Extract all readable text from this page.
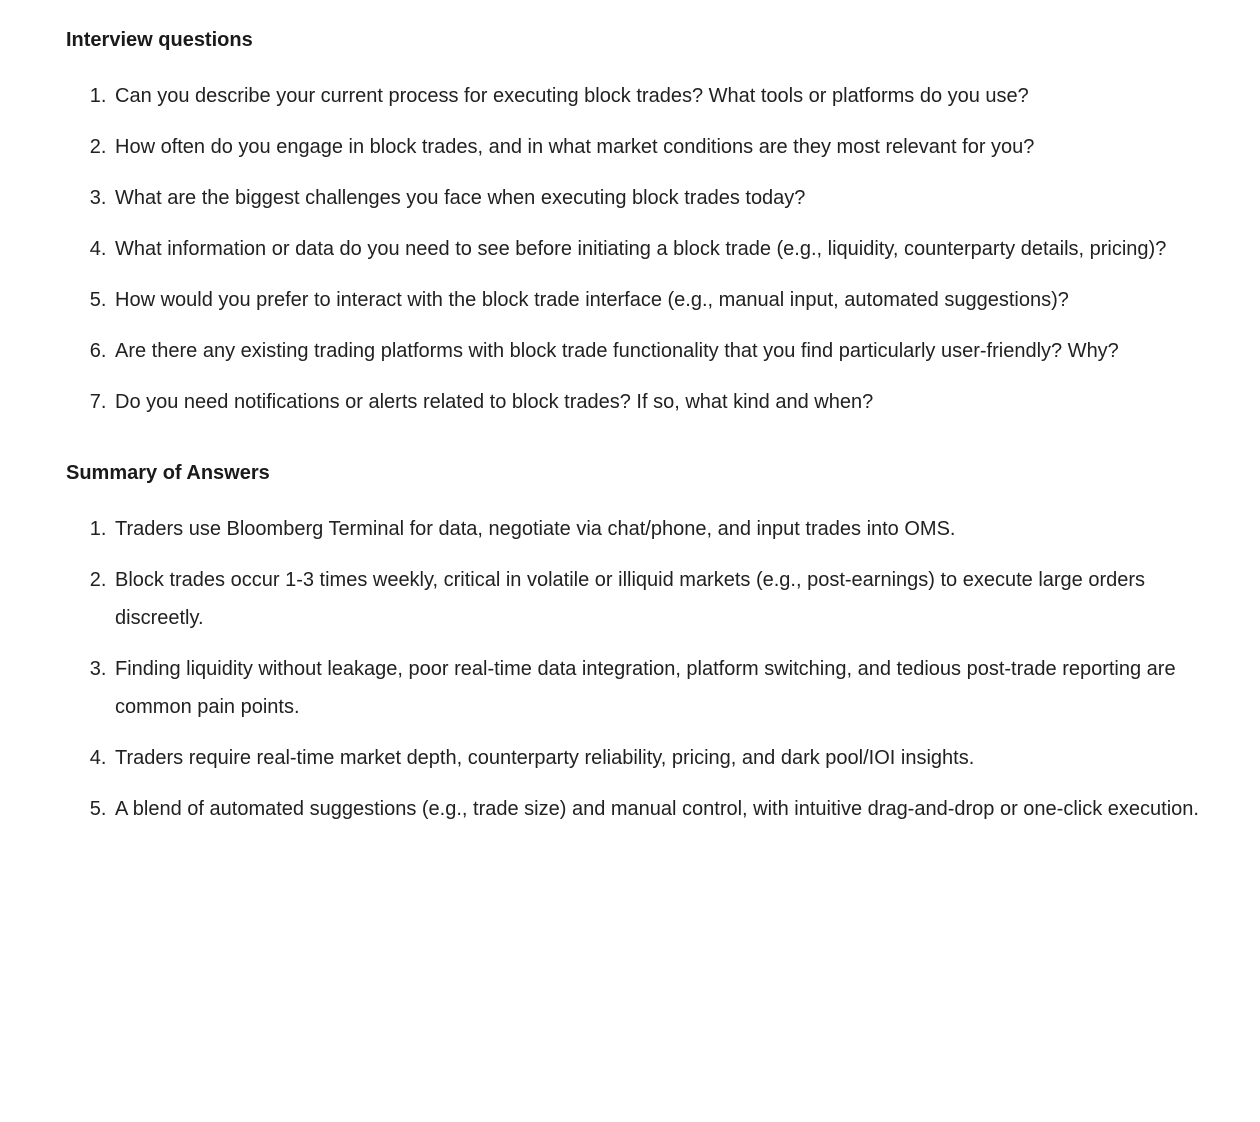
Interview questions
1. Can you describe your current process for executing block trades? What tools or platforms do you use?
2. How often do you engage in block trades, and in what market conditions are they most relevant for you?
3. What are the biggest challenges you face when executing block trades today?
4. What information or data do you need to see before initiating a block trade (e.g., liquidity, counterparty details, pricing)?
5. How would you prefer to interact with the block trade interface (e.g., manual input, automated suggestions)?
6. Are there any existing trading platforms with block trade functionality that you find particularly user-friendly? Why?
7. Do you need notifications or alerts related to block trades? If so, what kind and when?
Summary of Answers
1. Traders use Bloomberg Terminal for data, negotiate via chat/phone, and input trades into OMS.
2. Block trades occur 1-3 times weekly, critical in volatile or illiquid markets (e.g., post-earnings) to execute large orders discreetly.
3. Finding liquidity without leakage, poor real-time data integration, platform switching, and tedious post-trade reporting are common pain points.
4. Traders require real-time market depth, counterparty reliability, pricing, and dark pool/IOI insights.
5. A blend of automated suggestions (e.g., trade size) and manual control, with intuitive drag-and-drop or one-click execution.
